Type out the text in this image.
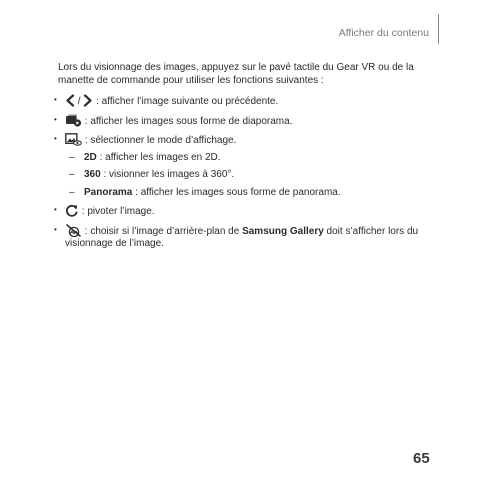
Afficher du contenu

Lors du visionnage des images, appuyez sur le pavé tactile du Gear VR ou de la manette de commande pour utiliser les fonctions suivantes :

• /  : afficher l’image suivante ou précédente.
• : afficher les images sous forme de diaporama.
• : sélectionner le mode d’affichage.
– 2D : afficher les images en 2D.
– 360 : visionner les images à 360°.
– Panorama : afficher les images sous forme de panorama.
• : pivoter l’image.
• : choisir si l’image d’arrière-plan de Samsung Gallery doit s’afficher lors du visionnage de l’image.
65
